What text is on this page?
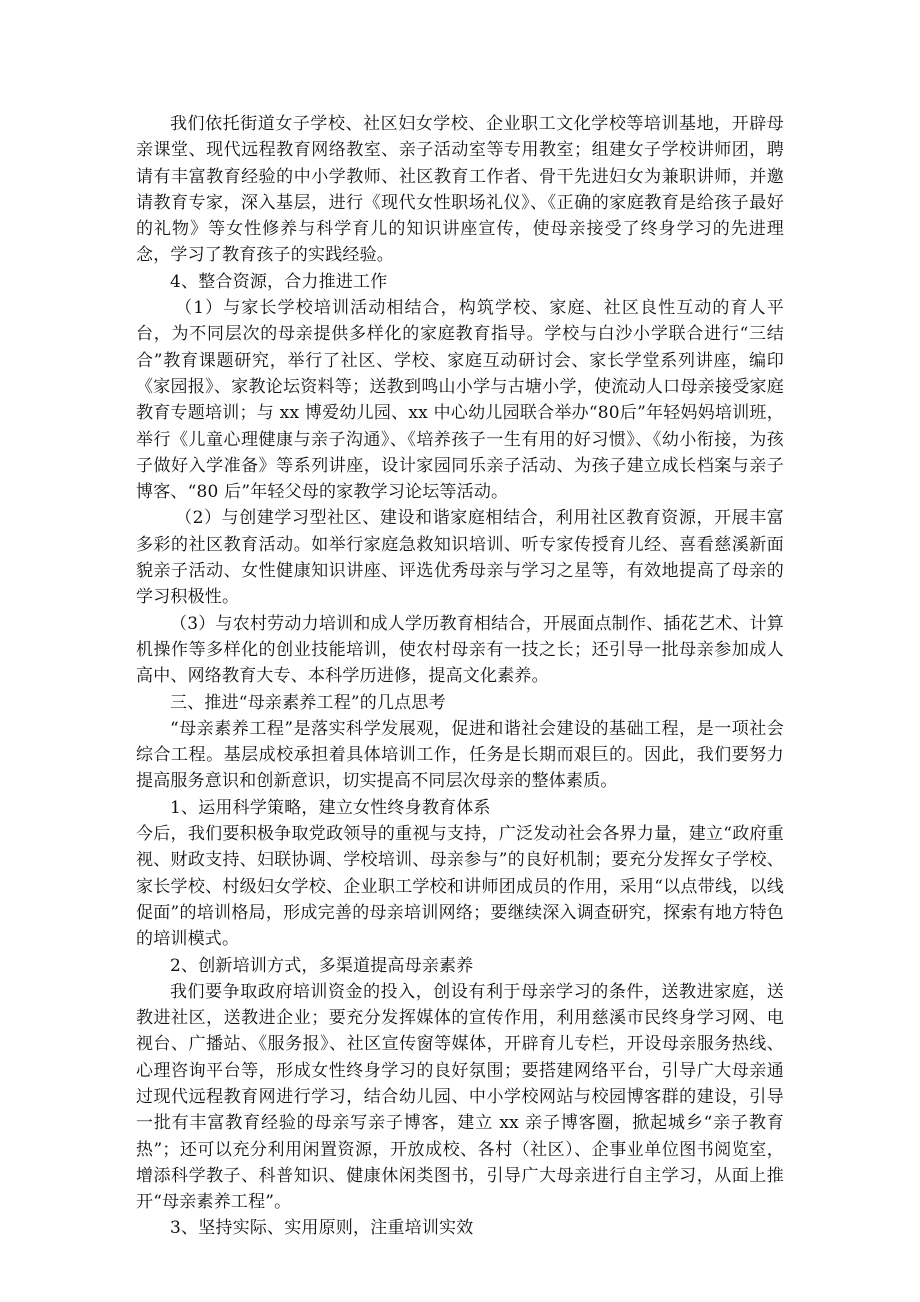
我们依托街道女子学校、社区妇女学校、企业职工文化学校等培训基地，开辟母亲课堂、现代远程教育网络教室、亲子活动室等专用教室；组建女子学校讲师团，聘请有丰富教育经验的中小学教师、社区教育工作者、骨干先进妇女为兼职讲师，并邀请教育专家，深入基层，进行《现代女性职场礼仪》、《正确的家庭教育是给孩子最好的礼物》等女性修养与科学育儿的知识讲座宣传，使母亲接受了终身学习的先进理念，学习了教育孩子的实践经验。

4、整合资源，合力推进工作

（1）与家长学校培训活动相结合，构筑学校、家庭、社区良性互动的育人平台，为不同层次的母亲提供多样化的家庭教育指导。学校与白沙小学联合进行“三结合”教育课题研究，举行了社区、学校、家庭互动研讨会、家长学堂系列讲座，编印《家园报》、家教论坛资料等；送教到鸣山小学与古塘小学，使流动人口母亲接受家庭教育专题培训；与 xx 博爱幼儿园、xx 中心幼儿园联合举办“80后”年轻妈妈培训班，举行《儿童心理健康与亲子沟通》、《培养孩子一生有用的好习惯》、《幼小衔接，为孩子做好入学准备》等系列讲座，设计家园同乐亲子活动、为孩子建立成长档案与亲子博客、“80 后”年轻父母的家教学习论坛等活动。

（2）与创建学习型社区、建设和谐家庭相结合，利用社区教育资源，开展丰富多彩的社区教育活动。如举行家庭急救知识培训、听专家传授育儿经、喜看慈溪新面貌亲子活动、女性健康知识讲座、评选优秀母亲与学习之星等，有效地提高了母亲的学习积极性。

（3）与农村劳动力培训和成人学历教育相结合，开展面点制作、插花艺术、计算机操作等多样化的创业技能培训，使农村母亲有一技之长；还引导一批母亲参加成人高中、网络教育大专、本科学历进修，提高文化素养。

三、推进“母亲素养工程”的几点思考

“母亲素养工程”是落实科学发展观，促进和谐社会建设的基础工程，是一项社会综合工程。基层成校承担着具体培训工作，任务是长期而艰巨的。因此，我们要努力提高服务意识和创新意识，切实提高不同层次母亲的整体素质。

1、运用科学策略，建立女性终身教育体系

今后，我们要积极争取党政领导的重视与支持，广泛发动社会各界力量，建立“政府重视、财政支持、妇联协调、学校培训、母亲参与”的良好机制；要充分发挥女子学校、家长学校、村级妇女学校、企业职工学校和讲师团成员的作用，采用“以点带线，以线促面”的培训格局，形成完善的母亲培训网络；要继续深入调查研究，探索有地方特色的培训模式。

2、创新培训方式，多渠道提高母亲素养

我们要争取政府培训资金的投入，创设有利于母亲学习的条件，送教进家庭，送教进社区，送教进企业；要充分发挥媒体的宣传作用，利用慈溪市民终身学习网、电视台、广播站、《服务报》、社区宣传窗等媒体，开辟育儿专栏，开设母亲服务热线、心理咨询平台等，形成女性终身学习的良好氛围；要搭建网络平台，引导广大母亲通过现代远程教育网进行学习，结合幼儿园、中小学校网站与校园博客群的建设，引导一批有丰富教育经验的母亲写亲子博客，建立 xx 亲子博客圈，掀起城乡“亲子教育热”；还可以充分利用闲置资源，开放成校、各村（社区）、企事业单位图书阅览室，增添科学教子、科普知识、健康休闲类图书，引导广大母亲进行自主学习，从面上推开“母亲素养工程”。

3、坚持实际、实用原则，注重培训实效
